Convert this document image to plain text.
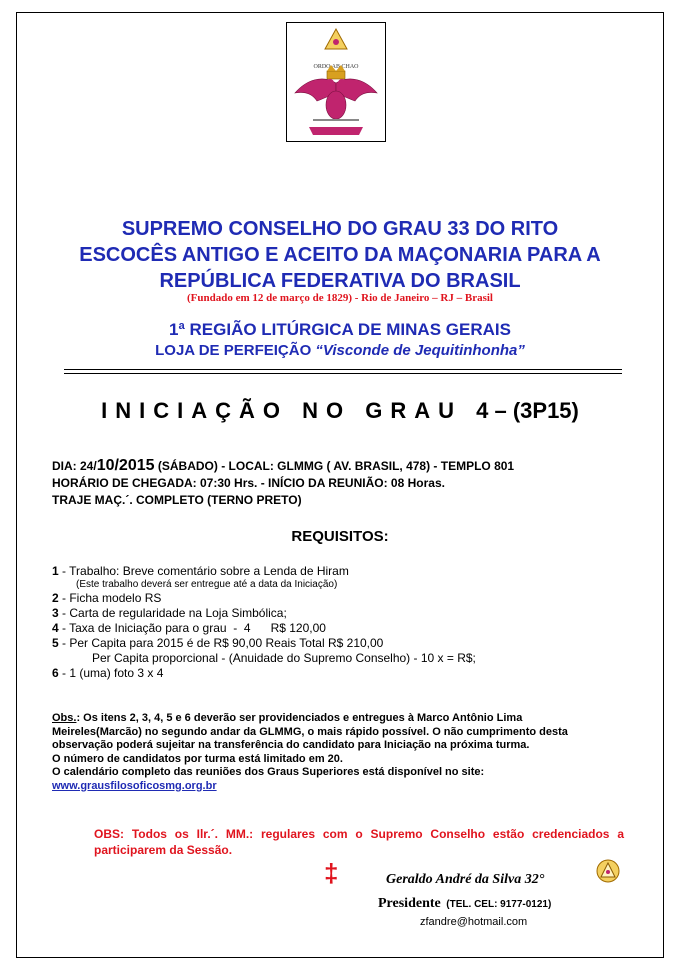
ORDO AB CHAO
SUPREMO CONSELHO DO GRAU 33 DO RITO
ESCOCÊS ANTIGO E ACEITO DA MAÇONARIA PARA A
REPÚBLICA FEDERATIVA DO BRASIL
(Fundado em 12 de março de 1829) - Rio de Janeiro – RJ – Brasil
1ª REGIÃO LITÚRGICA DE MINAS GERAIS
LOJA DE PERFEIÇÃO “Visconde de Jequitinhonha”
INICIAÇÃO NO GRAU 4 – (3P15)
DIA: 24/10/2015 (SÁBADO) - LOCAL: GLMMG ( AV. BRASIL, 478) - TEMPLO 801
HORÁRIO DE CHEGADA: 07:30 Hrs. - INÍCIO DA REUNIÃO: 08 Horas.
TRAJE MAÇ.´. COMPLETO (TERNO PRETO)
REQUISITOS:
1 - Trabalho: Breve comentário sobre a Lenda de Hiram
(Este trabalho deverá ser entregue até a data da Iniciação)
2 - Ficha modelo RS
3 - Carta de regularidade na Loja Simbólica;
4 - Taxa de Iniciação para o grau  -  4      R$ 120,00
5 - Per Capita para 2015 é de R$ 90,00 Reais Total R$ 210,00
Per Capita proporcional - (Anuidade do Supremo Conselho) - 10 x = R$;
6 - 1 (uma) foto 3 x 4
Obs.: Os itens 2, 3, 4, 5 e 6 deverão ser providenciados e entregues à Marco Antônio Lima
Meireles(Marcão) no segundo andar da GLMMG, o mais rápido possível. O não cumprimento desta
observação poderá sujeitar na transferência do candidato para Iniciação na próxima turma.
O número de candidatos por turma está limitado em 20.
O calendário completo das reuniões dos Graus Superiores está disponível no site:
www.grausfilosoficosmg.org.br
OBS: Todos os Ilr.´. MM.: regulares com o Supremo Conselho estão credenciados a participarem da Sessão.
‡	Geraldo André da Silva 32°
Presidente  (TEL. CEL: 9177-0121)
zfandre@hotmail.com
